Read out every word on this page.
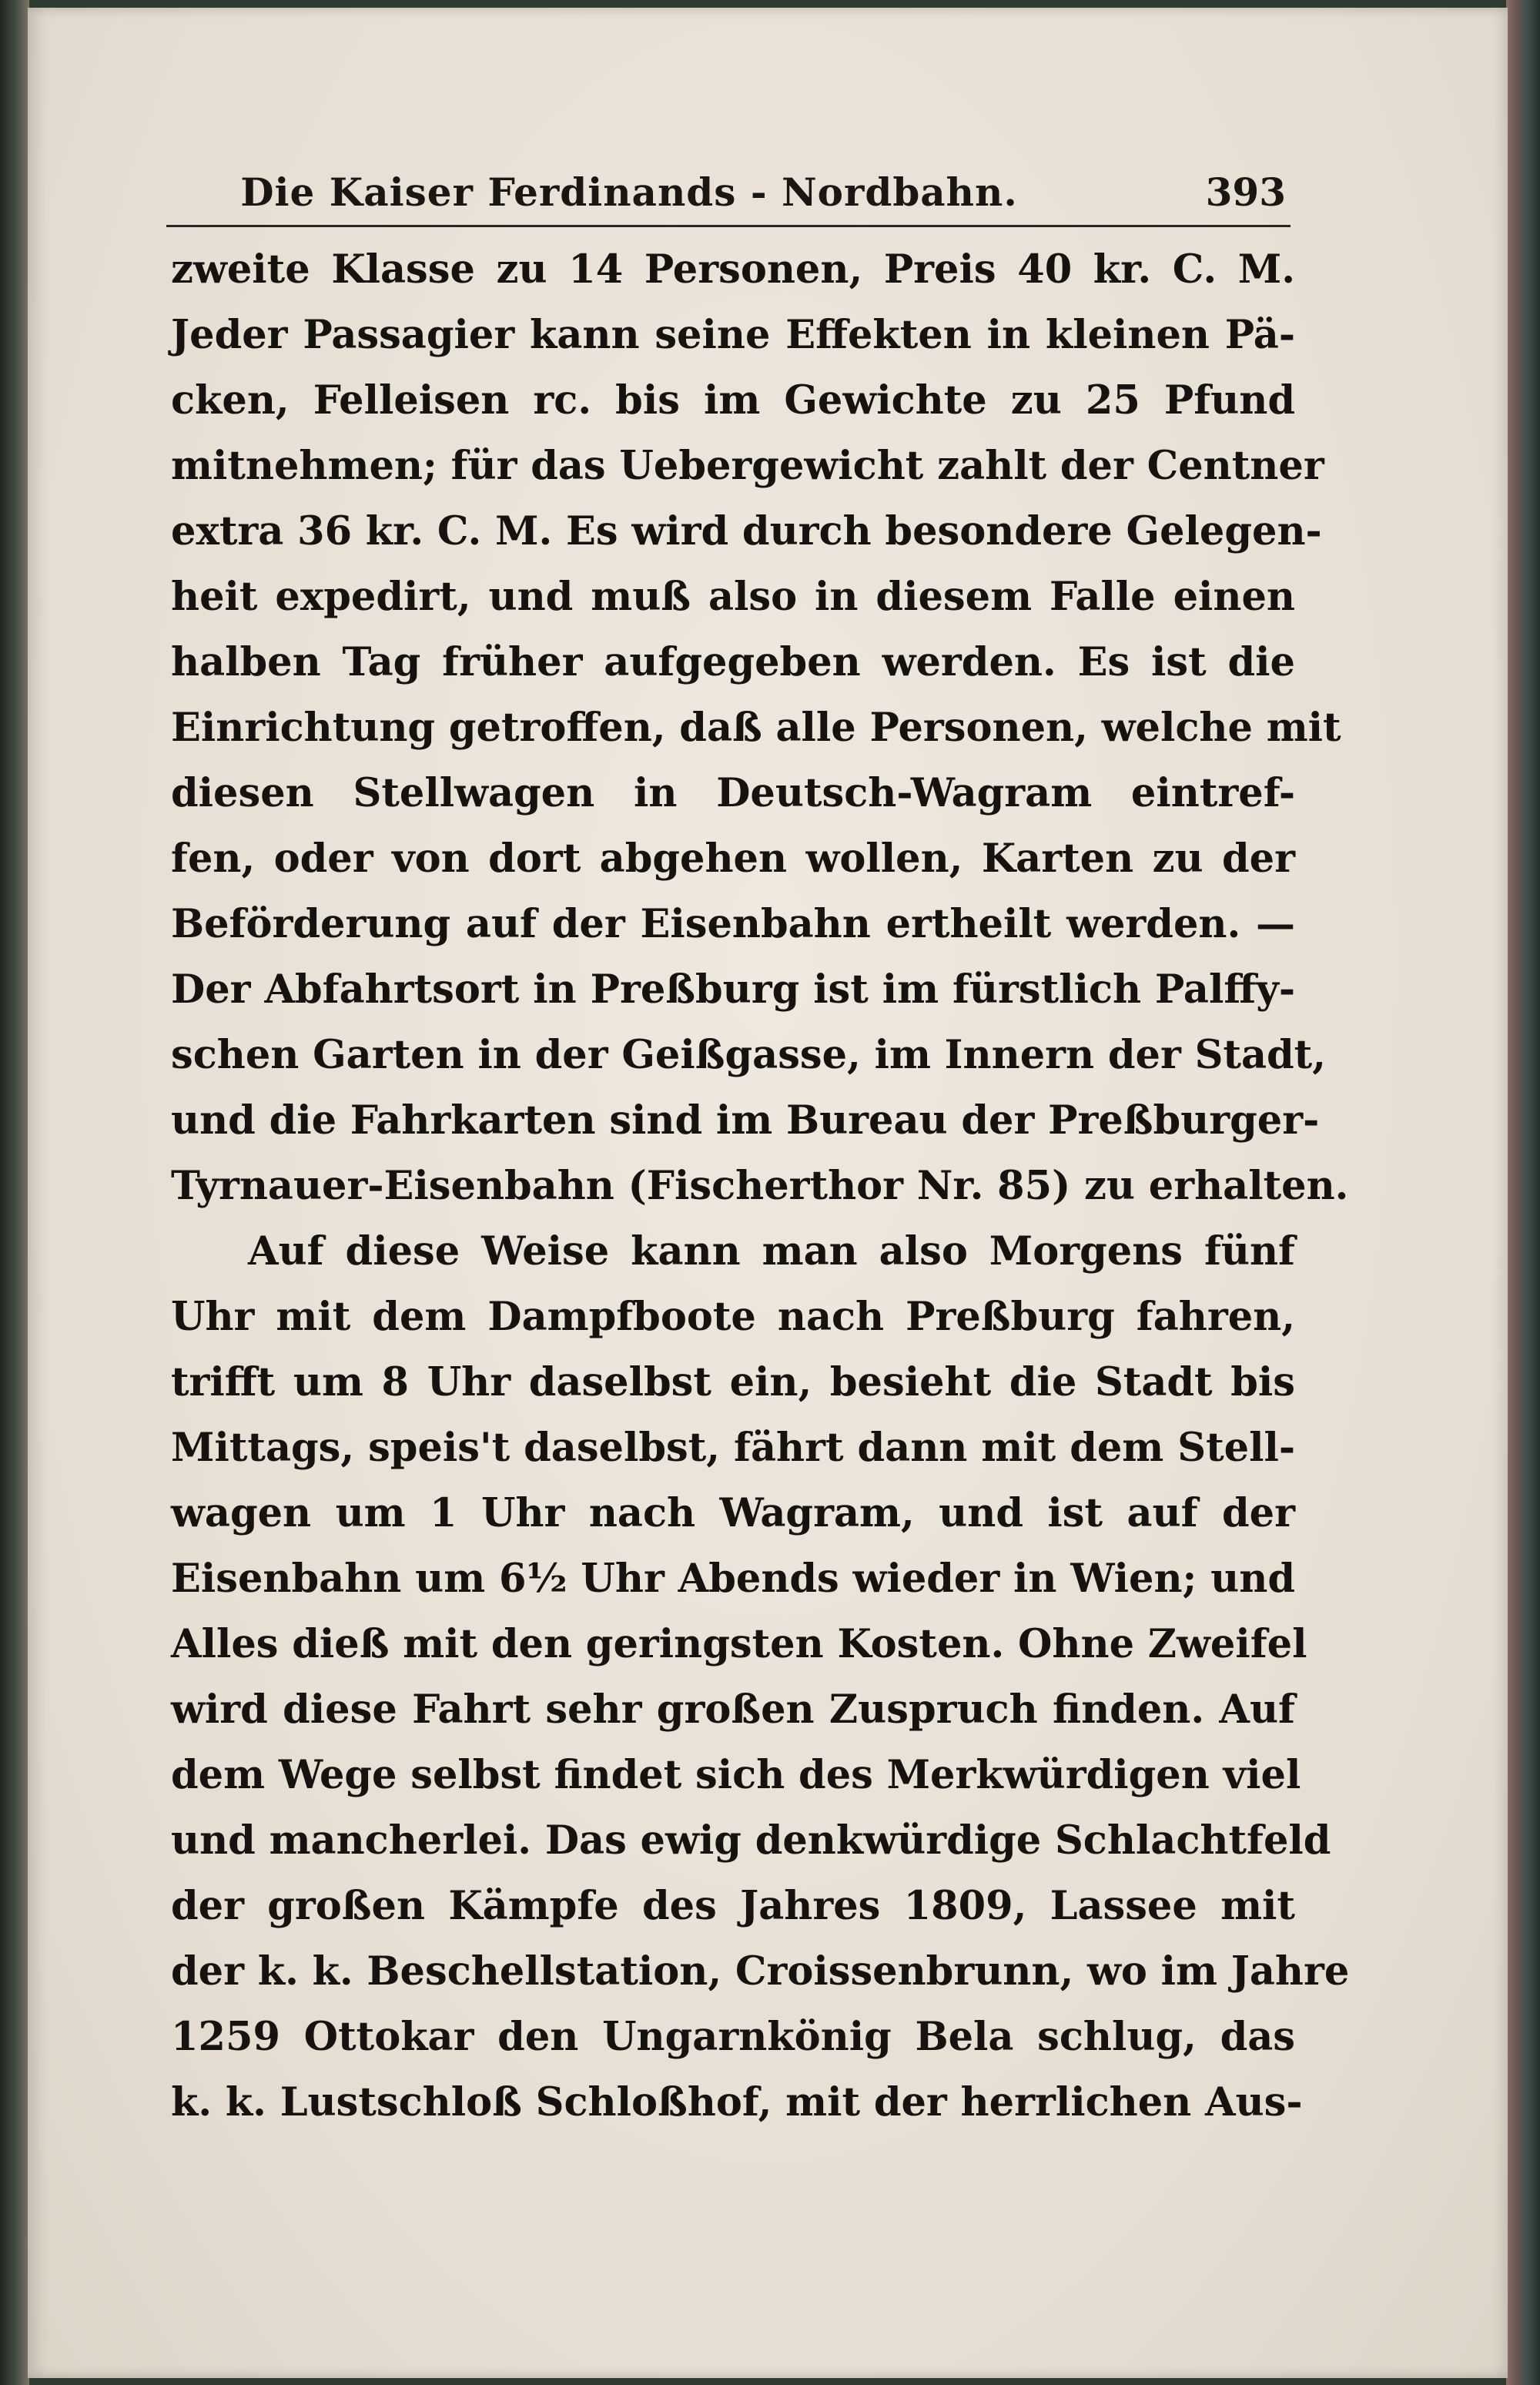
Die Kaiser Ferdinands - Nordbahn.	393
zweite Klasse zu 14 Personen, Preis 40 kr. C. M.
Jeder Passagier kann seine Effekten in kleinen Pä-
cken, Felleisen rc. bis im Gewichte zu 25 Pfund
mitnehmen; für das Uebergewicht zahlt der Centner
extra 36 kr. C. M. Es wird durch besondere Gelegen-
heit expedirt, und muß also in diesem Falle einen
halben Tag früher aufgegeben werden. Es ist die
Einrichtung getroffen, daß alle Personen, welche mit
diesen Stellwagen in Deutsch-Wagram eintref-
fen, oder von dort abgehen wollen, Karten zu der
Beförderung auf der Eisenbahn ertheilt werden. —
Der Abfahrtsort in Preßburg ist im fürstlich Palffy-
schen Garten in der Geißgasse, im Innern der Stadt,
und die Fahrkarten sind im Bureau der Preßburger-
Tyrnauer-Eisenbahn (Fischerthor Nr. 85) zu erhalten.
Auf diese Weise kann man also Morgens fünf
Uhr mit dem Dampfboote nach Preßburg fahren,
trifft um 8 Uhr daselbst ein, besieht die Stadt bis
Mittags, speis't daselbst, fährt dann mit dem Stell-
wagen um 1 Uhr nach Wagram, und ist auf der
Eisenbahn um 6½ Uhr Abends wieder in Wien; und
Alles dieß mit den geringsten Kosten. Ohne Zweifel
wird diese Fahrt sehr großen Zuspruch finden. Auf
dem Wege selbst findet sich des Merkwürdigen viel
und mancherlei. Das ewig denkwürdige Schlachtfeld
der großen Kämpfe des Jahres 1809, Lassee mit
der k. k. Beschellstation, Croissenbrunn, wo im Jahre
1259 Ottokar den Ungarnkönig Bela schlug, das
k. k. Lustschloß Schloßhof, mit der herrlichen Aus-
